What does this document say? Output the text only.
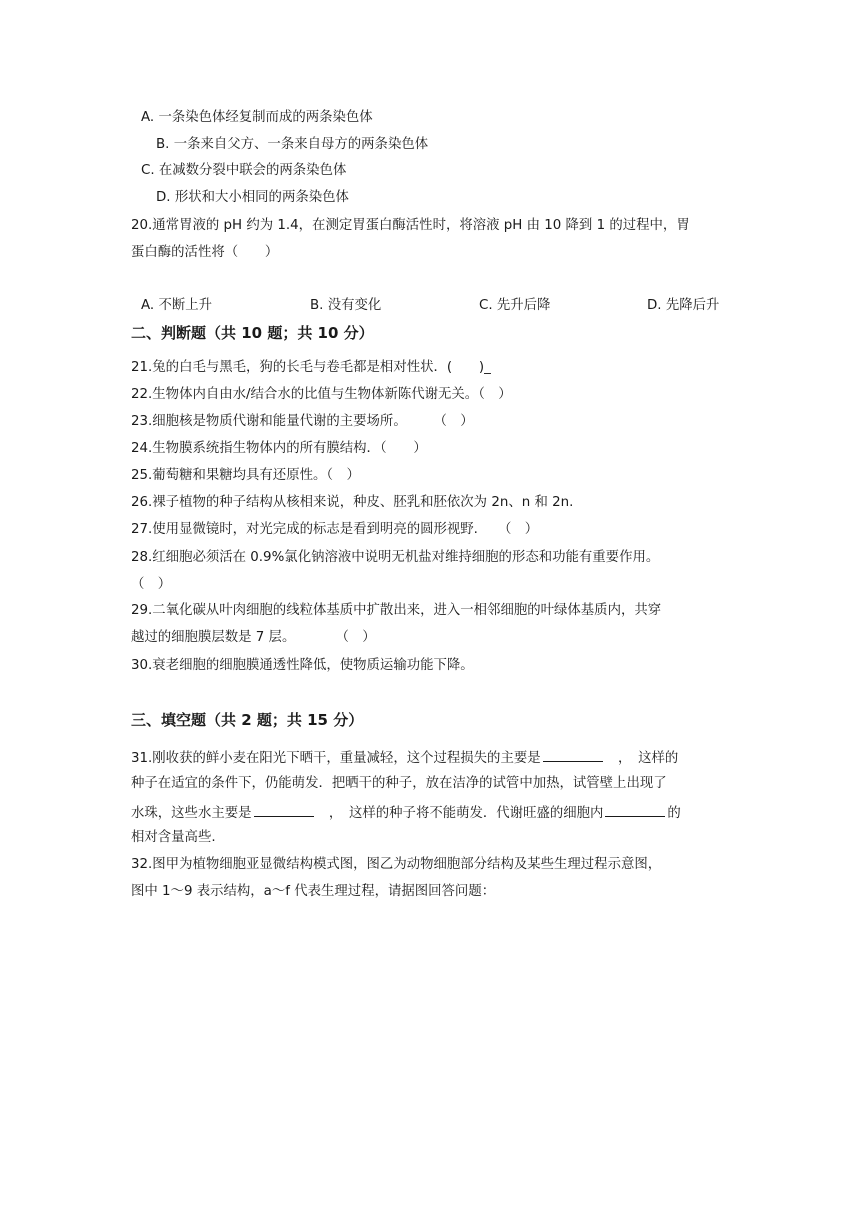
A. 一条染色体经复制而成的两条染色体
B. 一条来自父方、一条来自母方的两条染色体
C. 在减数分裂中联会的两条染色体
D. 形状和大小相同的两条染色体
20.通常胃液的 pH 约为 1.4，在测定胃蛋白酶活性时，将溶液 pH 由 10 降到 1 的过程中，胃
蛋白酶的活性将（　　）
A. 不断上升	B. 没有变化	C. 先升后降	D. 先降后升
二、判断题（共 10 题；共 10 分）
21.兔的白毛与黑毛，狗的长毛与卷毛都是相对性状．(　　)_
22.生物体内自由水/结合水的比值与生物体新陈代谢无关。（　）
23.细胞核是物质代谢和能量代谢的主要场所。　　　（　）
24.生物膜系统指生物体内的所有膜结构．（　　）
25.葡萄糖和果糖均具有还原性。（　）
26.裸子植物的种子结构从核相来说，种皮、胚乳和胚依次为 2n、n 和 2n.
27.使用显微镜时，对光完成的标志是看到明亮的圆形视野.　　（　）
28.红细胞必须活在 0.9%氯化钠溶液中说明无机盐对维持细胞的形态和功能有重要作用。
（　）
29.二氧化碳从叶肉细胞的线粒体基质中扩散出来，进入一相邻细胞的叶绿体基质内，共穿
越过的细胞膜层数是 7 层。　　　　（　）
30.衰老细胞的细胞膜通透性降低，使物质运输功能下降。
三、填空题（共 2 题；共 15 分）
31.刚收获的鲜小麦在阳光下晒干，重量减轻，这个过程损失的主要是	　，　这样的
种子在适宜的条件下，仍能萌发．把晒干的种子，放在洁净的试管中加热，试管壁上出现了
水珠，这些水主要是	　，　这样的种子将不能萌发．代谢旺盛的细胞内	的
相对含量高些.
32.图甲为植物细胞亚显微结构模式图，图乙为动物细胞部分结构及某些生理过程示意图，
图中 1～9 表示结构，a～f 代表生理过程，请据图回答问题：
